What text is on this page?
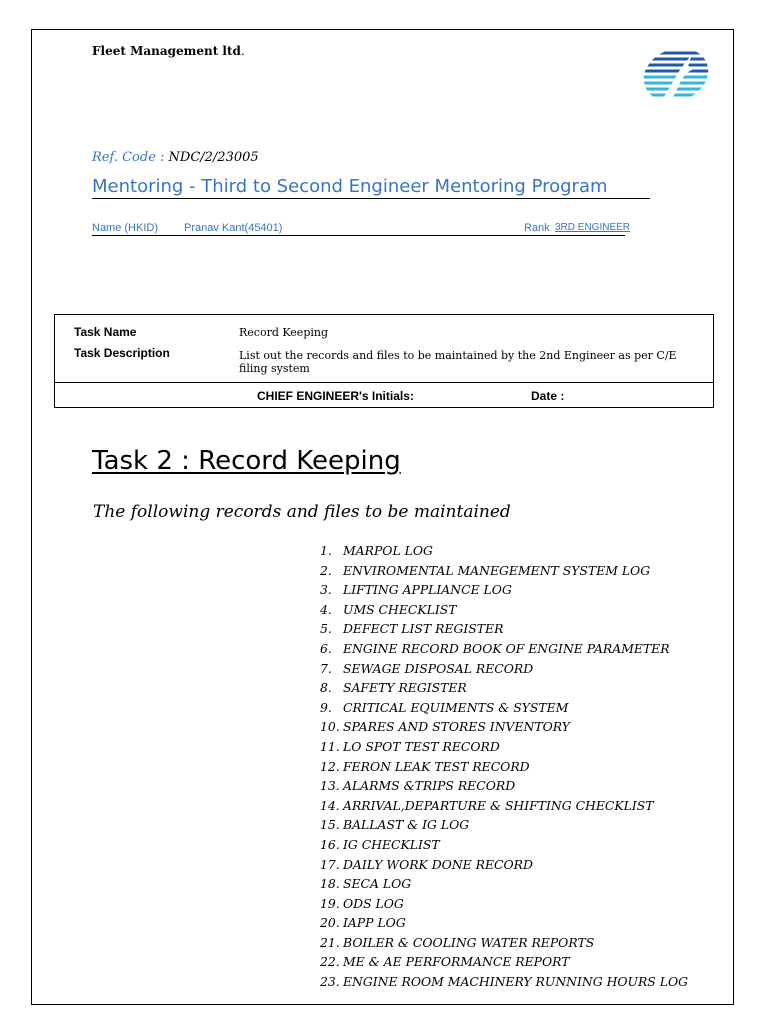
Fleet Management ltd.
Ref. Code : NDC/2/23005
Mentoring - Third to Second Engineer Mentoring Program
Name (HKID) Pranav Kant(45401)	Rank 3RD ENGINEER
Task Name	Record Keeping
Task Description	List out the records and files to be maintained by the 2nd Engineer as per C/E filing system
CHIEF ENGINEER's Initials:	Date :
Task 2 : Record Keeping
The following records and files to be maintained
1. MARPOL LOG
2. ENVIROMENTAL MANEGEMENT SYSTEM LOG
3. LIFTING APPLIANCE LOG
4. UMS CHECKLIST
5. DEFECT LIST REGISTER
6. ENGINE RECORD BOOK OF ENGINE PARAMETER
7. SEWAGE DISPOSAL RECORD
8. SAFETY REGISTER
9. CRITICAL EQUIMENTS & SYSTEM
10. SPARES AND STORES INVENTORY
11. LO SPOT TEST RECORD
12. FERON LEAK TEST RECORD
13. ALARMS &TRIPS RECORD
14. ARRIVAL,DEPARTURE & SHIFTING CHECKLIST
15. BALLAST & IG LOG
16. IG CHECKLIST
17. DAILY WORK DONE RECORD
18. SECA LOG
19. ODS LOG
20. IAPP LOG
21. BOILER & COOLING WATER REPORTS
22. ME & AE PERFORMANCE REPORT
23. ENGINE ROOM MACHINERY RUNNING HOURS LOG
